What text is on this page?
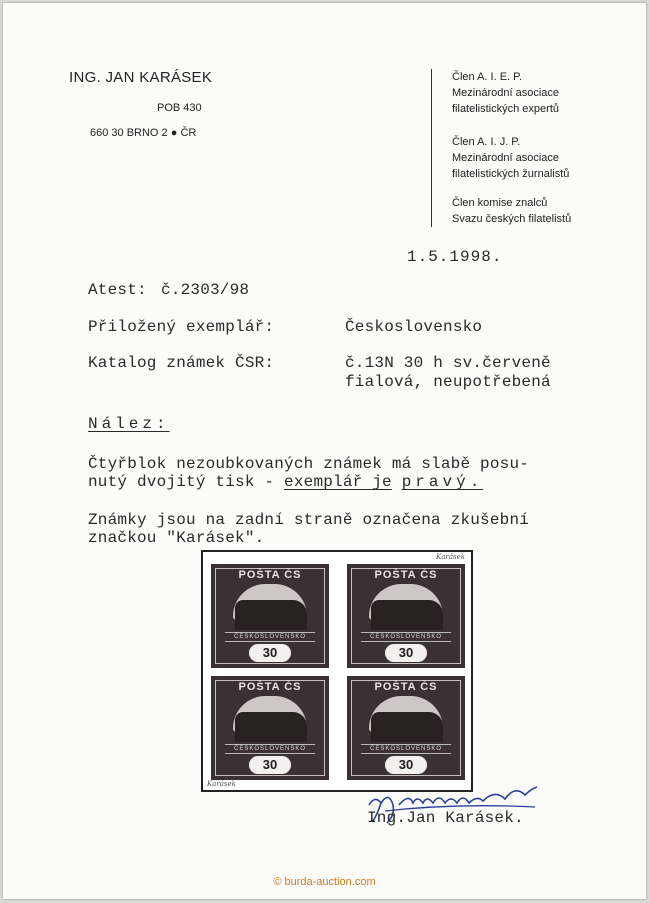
ING. JAN KARÁSEK
POB 430
660 30 BRNO 2 ● ČR
Člen A. I. E. P.
Mezinárodní asociace
filatelistických expertů
Člen A. I. J. P.
Mezinárodní asociace
filatelistických žurnalistů
Člen komise znalců
Svazu českých filatelistů
1.5.1998.
Atest: č.2303/98
Přiložený exemplář:	Československo
Katalog známek ČSR:	č.13N 30 h sv.červeně
fialová, neupotřebená
Nález:
Čtyřblok nezoubkovaných známek má slabě posu-
nutý dvojitý tisk - exemplář je pravý.
Známky jsou na zadní straně označena zkušební
značkou "Karásek".
POŠTA ČS
ČESKOSLOVENSKO
30
POŠTA ČS
ČESKOSLOVENSKO
30
POŠTA ČS
ČESKOSLOVENSKO
30
POŠTA ČS
ČESKOSLOVENSKO
30
Karásek
Karásek
Ing.Jan Karásek.
© burda-auction.com
